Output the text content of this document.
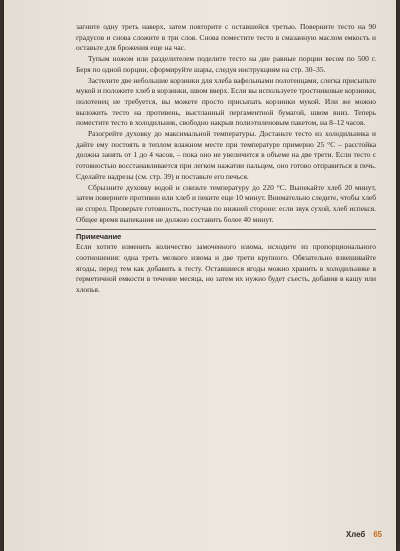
загните одну треть наверх, затем повторите с оставшейся третью. Поверните тесто на 90 градусов и снова сложите в три слоя. Снова поместите тесто в смазанную маслом емкость и оставьте для брожения еще на час.

Тупым ножом или разделителем поделите тесто на две равные порции весом по 500 г. Беря по одной порции, сформируйте шары, следуя инструкциям на стр. 30–35.

Застелите две небольшие корзинки для хлеба вафельными полотенцами, слегка присыпьте мукой и положите хлеб в корзинки, швом вверх. Если вы используете тростниковые корзинки, полотенец не требуется, вы можете просто присыпать корзинки мукой. Или же можно выложить тесто на противень, выстланный пергаментной бумагой, швом вниз. Теперь поместите тесто в холодильник, свободно накрыв полиэтиленовым пакетом, на 8–12 часов.

Разогрейте духовку до максимальной температуры. Достаньте тесто из холодильника и дайте ему постоять в теплом влажном месте при температуре примерно 25 °C – расстойка должна занять от 1 до 4 часов, – пока оно не увеличится в объеме на две трети. Если тесто с готовностью восстанавливается при легком нажатии пальцем, оно готово отправиться в печь. Сделайте надрезы (см. стр. 39) и поставьте его печься.

Сбрызните духовку водой и снизьте температуру до 220 °C. Выпекайте хлеб 20 минут, затем поверните противни или хлеб и пеките еще 10 минут. Внимательно следите, чтобы хлеб не сгорел. Проверьте готовность, постучав по нижней стороне: если звук сухой, хлеб испекся. Общее время выпекания не должно составить более 40 минут.

Примечание

Если хотите изменить количество замоченного изюма, исходите из пропорционального соотношения: одна треть мелкого изюма и две трети крупного. Обязательно взвешивайте ягоды, перед тем как добавить к тесту. Оставшиеся ягоды можно хранить в холодильнике в герметичной емкости в течение месяца, но затем их нужно будет съесть, добавив в кашу или хлопья.

Хлеб 65
